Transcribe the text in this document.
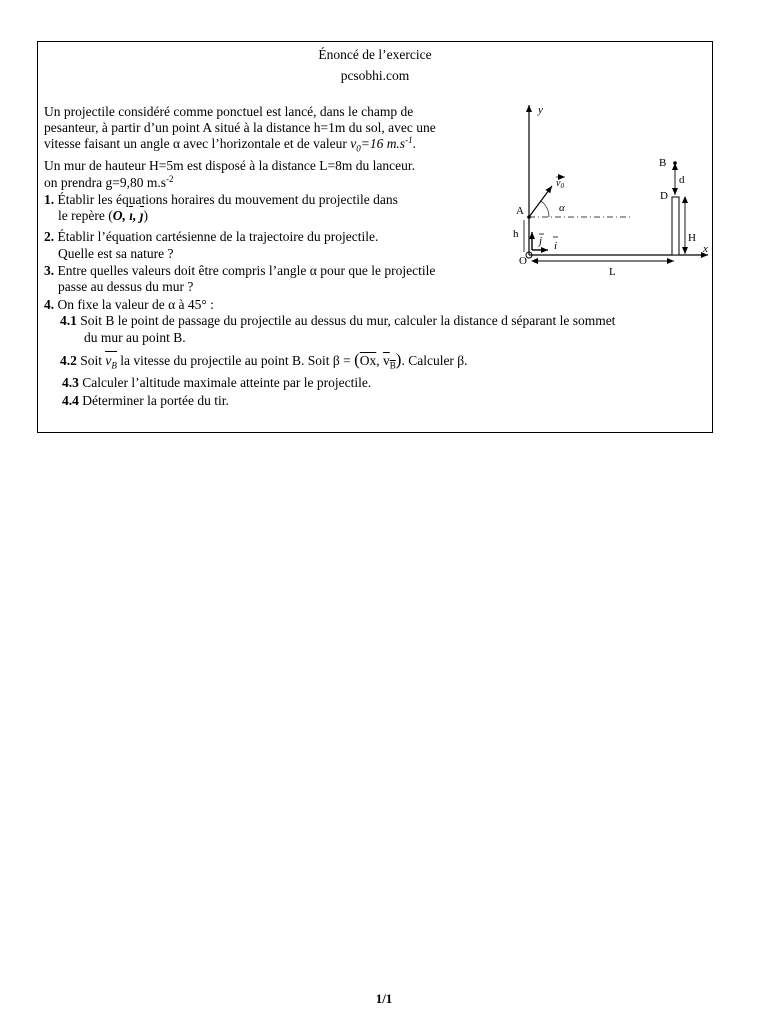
Énoncé de l’exercice
pcsobhi.com
Un projectile considéré comme ponctuel est lancé, dans le champ de
pesanteur, à partir d’un point A situé à la distance h=1m du sol, avec une
vitesse faisant un angle α avec l’horizontale et de valeur $v_0=16$ $m.s^{-1}$.
Un mur de hauteur H=5m est disposé à la distance L=8m du lanceur.
on prendra g=9,80 $m.s^{-2}$
1. Établir les équations horaires du mouvement du projectile dans
le repère (O, ı, ȷ)
2. Établir l’équation cartésienne de la trajectoire du projectile.
Quelle est sa nature ?
3. Entre quelles valeurs doit être compris l’angle α pour que le projectile
passe au dessus du mur ?
4. On fixe la valeur de α à 45° :
4.1 Soit B le point de passage du projectile au dessus du mur, calculer la distance d séparant le sommet
du mur au point B.
4.2 Soit $v_B$ la vitesse du projectile au point B. Soit $\beta = (\overline{Ox}$, $v_B$). Calculer β.
4.3 Calculer l’altitude maximale atteinte par le projectile.
4.4 Déterminer la portée du tir.
y
x
O
j i
h
A
$v_0$
α
D
H
B
d
L
1/1
